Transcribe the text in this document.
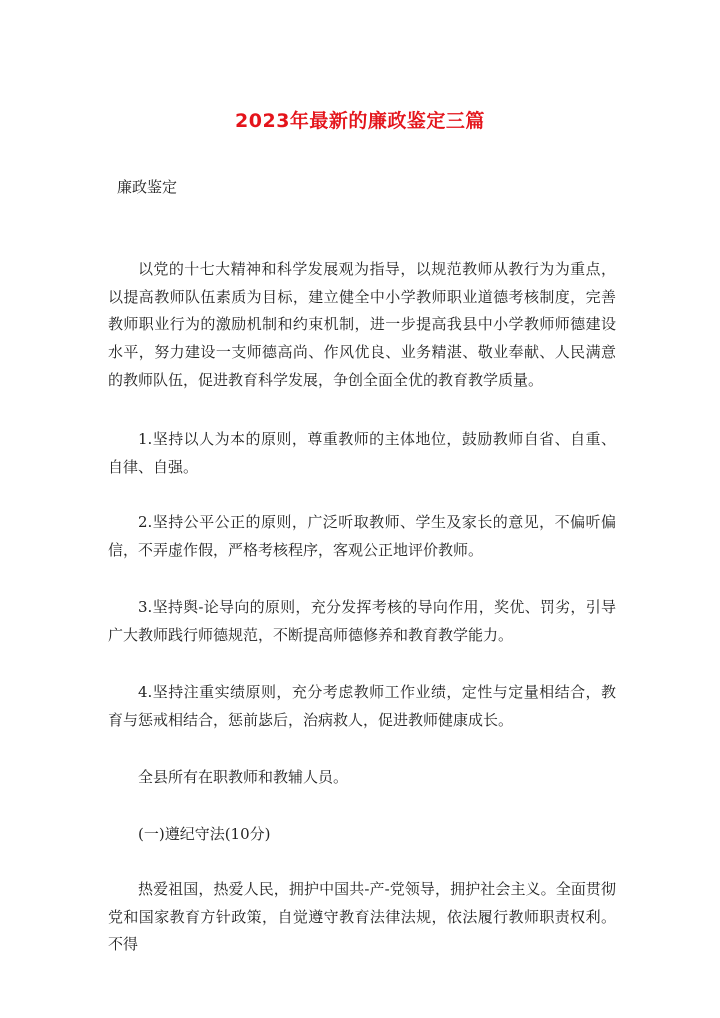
2023年最新的廉政鉴定三篇
廉政鉴定

以党的十七大精神和科学发展观为指导，以规范教师从教行为为重点，以提高教师队伍素质为目标，建立健全中小学教师职业道德考核制度，完善教师职业行为的激励机制和约束机制，进一步提高我县中小学教师师德建设水平，努力建设一支师德高尚、作风优良、业务精湛、敬业奉献、人民满意的教师队伍，促进教育科学发展，争创全面全优的教育教学质量。

1.坚持以人为本的原则，尊重教师的主体地位，鼓励教师自省、自重、自律、自强。

2.坚持公平公正的原则，广泛听取教师、学生及家长的意见，不偏听偏信，不弄虚作假，严格考核程序，客观公正地评价教师。

3.坚持舆-论导向的原则，充分发挥考核的导向作用，奖优、罚劣，引导广大教师践行师德规范，不断提高师德修养和教育教学能力。

4.坚持注重实绩原则，充分考虑教师工作业绩，定性与定量相结合，教育与惩戒相结合，惩前毖后，治病救人，促进教师健康成长。

全县所有在职教师和教辅人员。

(一)遵纪守法(10分)

热爱祖国，热爱人民，拥护中国共-产-党领导，拥护社会主义。全面贯彻党和国家教育方针政策，自觉遵守教育法律法规，依法履行教师职责权利。不得
